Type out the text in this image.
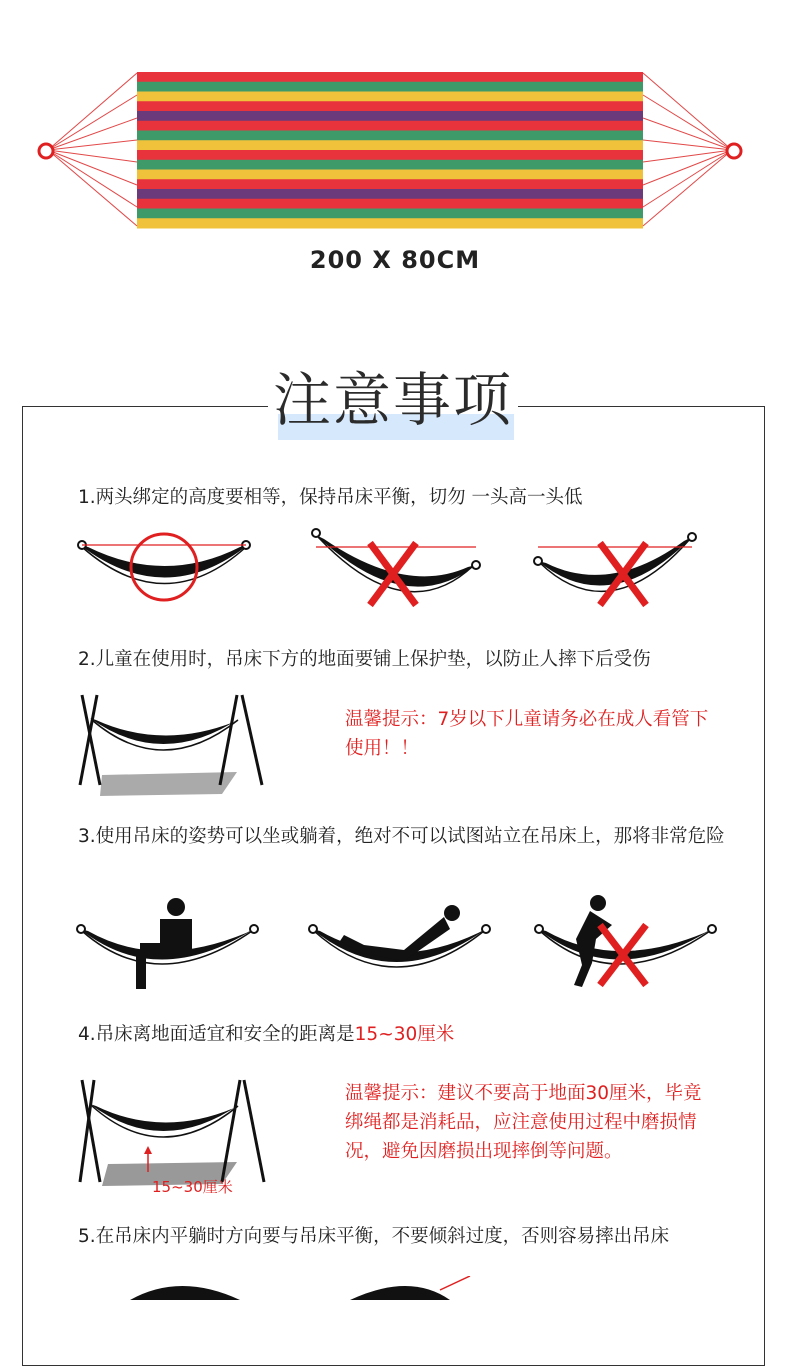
200 X 80CM
注意事项
1.两头绑定的高度要相等，保持吊床平衡，切勿 一头高一头低
2.儿童在使用时，吊床下方的地面要铺上保护垫，以防止人摔下后受伤
温馨提示：7岁以下儿童请务必在成人看管下使用！！
3.使用吊床的姿势可以坐或躺着，绝对不可以试图站立在吊床上，那将非常危险
4.吊床离地面适宜和安全的距离是15~30厘米
15~30厘米
温馨提示：建议不要高于地面30厘米，毕竟绑绳都是消耗品，应注意使用过程中磨损情况，避免因磨损出现摔倒等问题。
5.在吊床内平躺时方向要与吊床平衡，不要倾斜过度，否则容易摔出吊床
